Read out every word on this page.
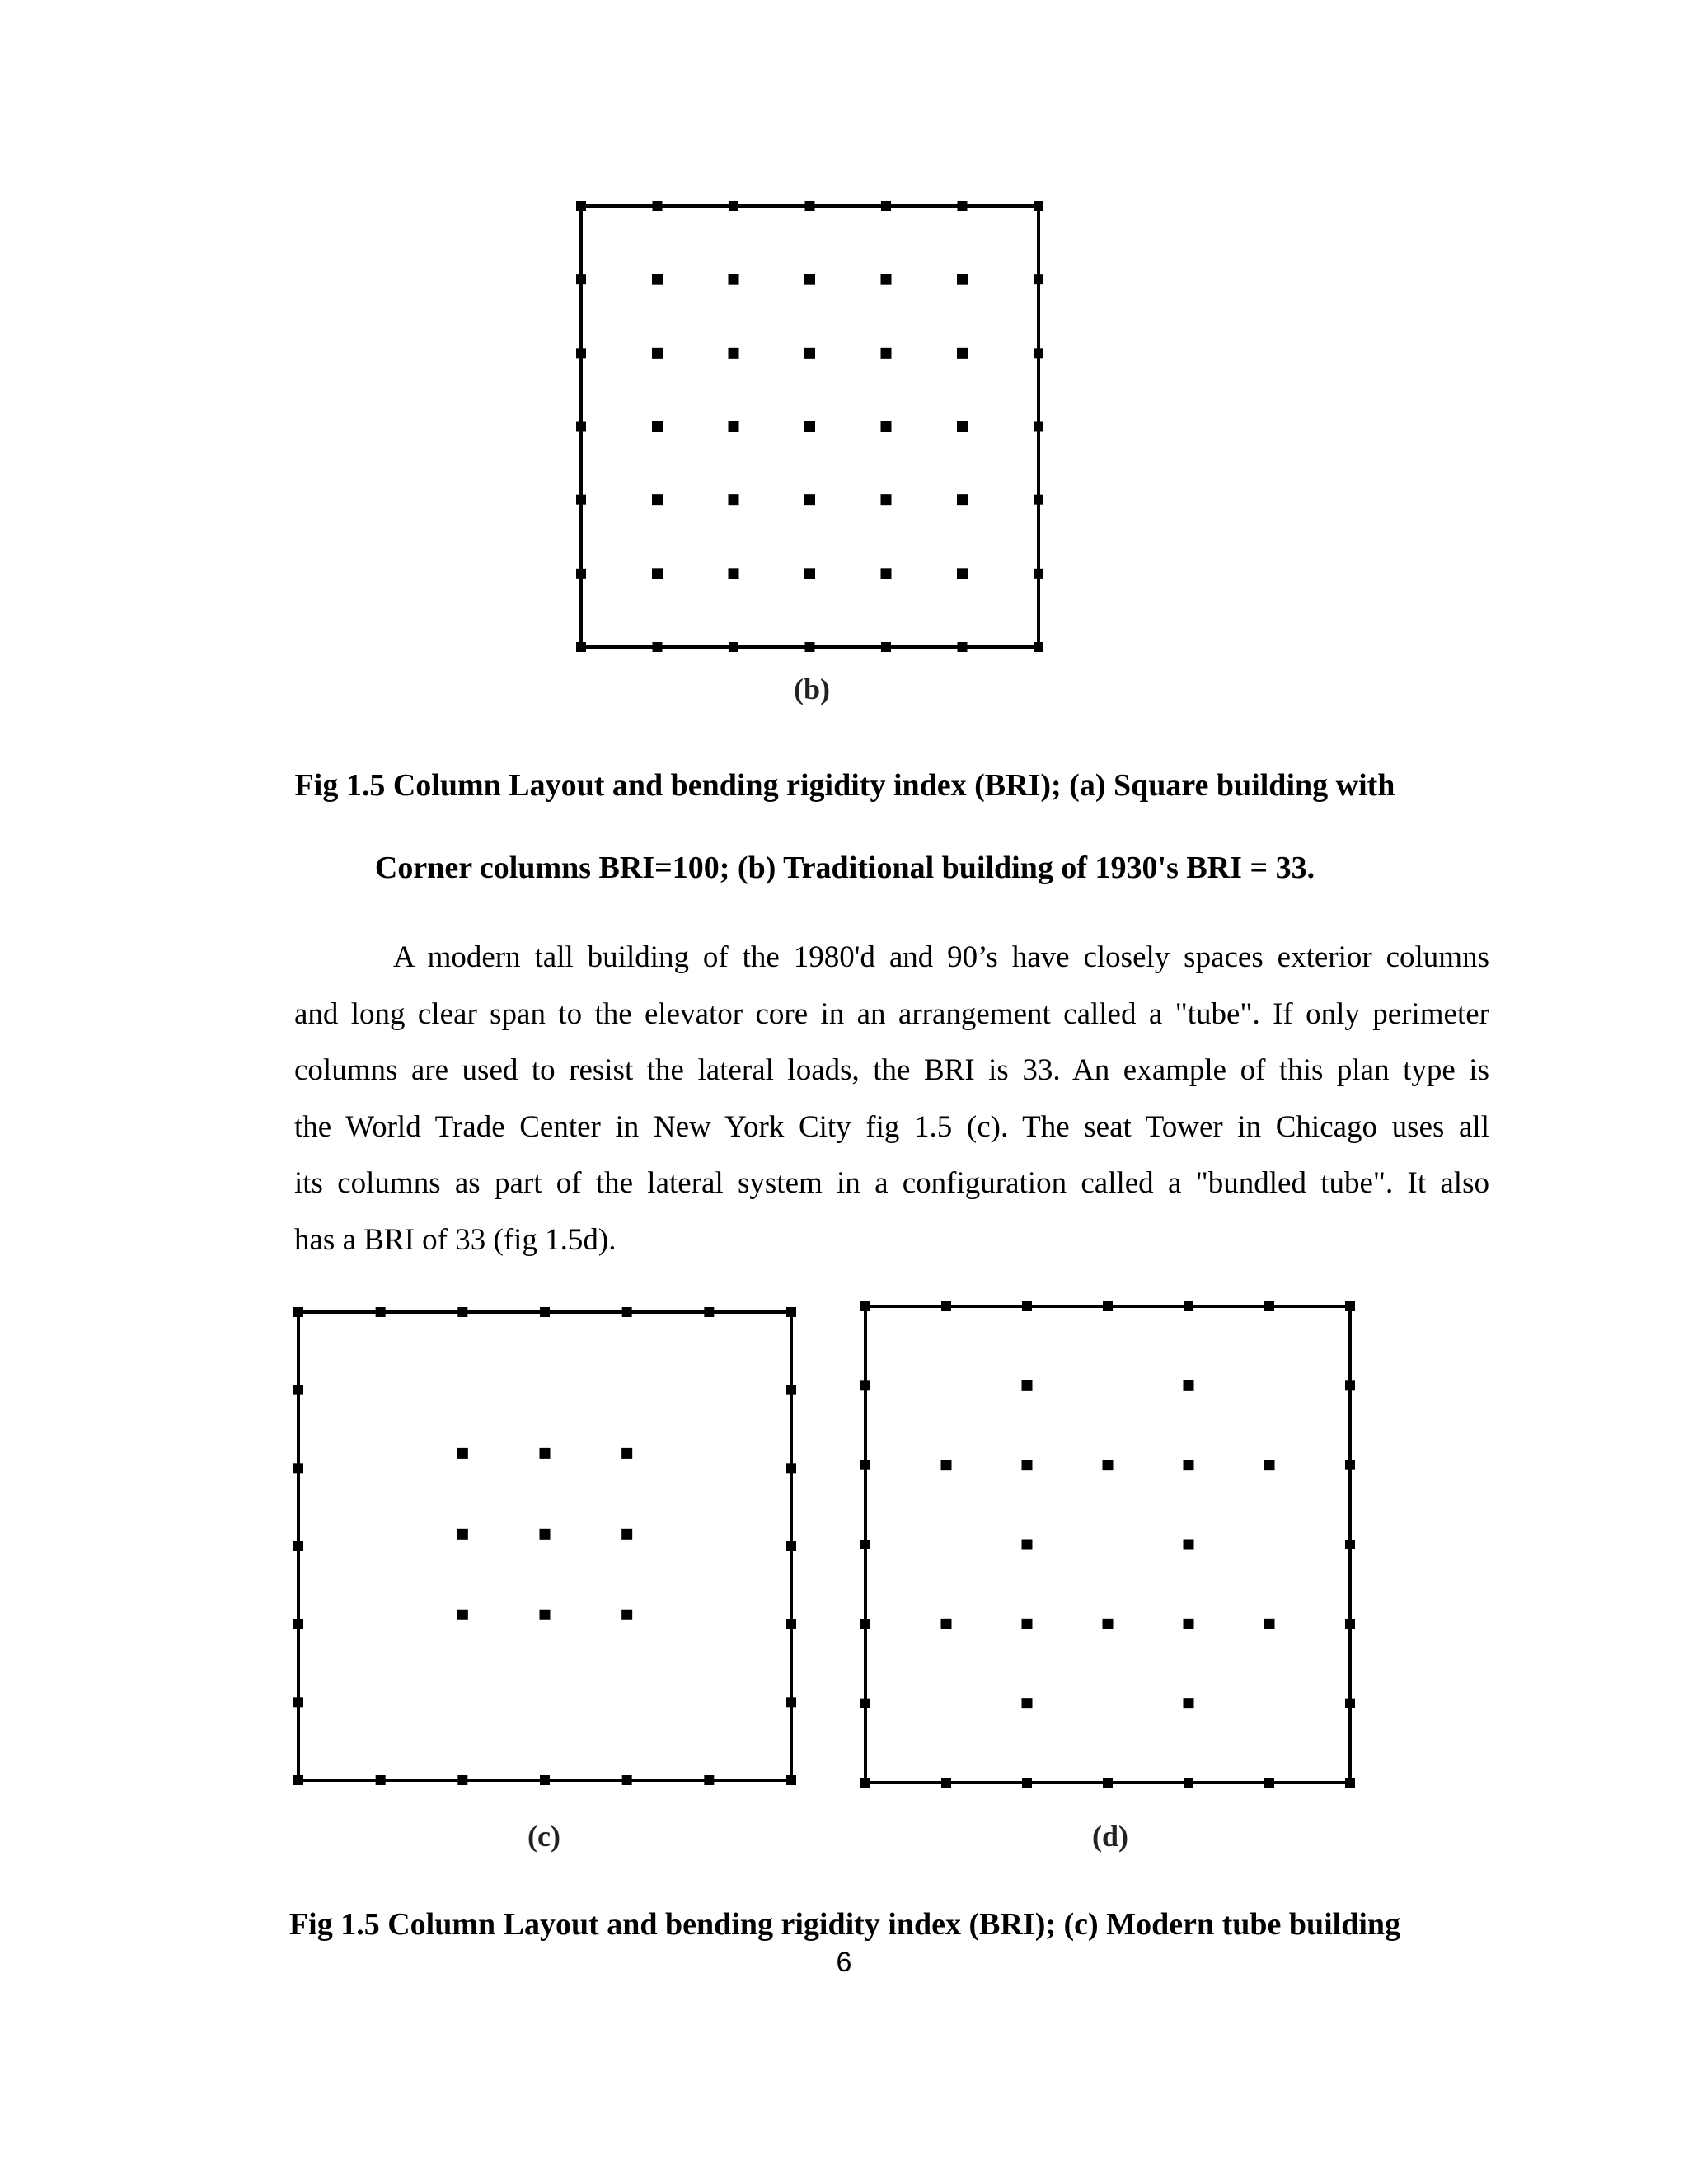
(b)
Fig 1.5 Column Layout and bending rigidity index (BRI); (a) Square building with
Corner columns BRI=100; (b) Traditional building of 1930's BRI = 33.
A modern tall building of the 1980'd and 90’s have closely spaces exterior columns
and long clear span to the elevator core in an arrangement called a "tube". If only perimeter
columns are used to resist the lateral loads, the BRI is 33. An example of this plan type is
the World Trade Center in New York City fig 1.5 (c). The seat Tower in Chicago uses all
its columns as part of the lateral system in a configuration called a "bundled tube". It also
has a BRI of 33 (fig 1.5d).
(c)	(d)
Fig 1.5 Column Layout and bending rigidity index (BRI); (c) Modern tube building
6
